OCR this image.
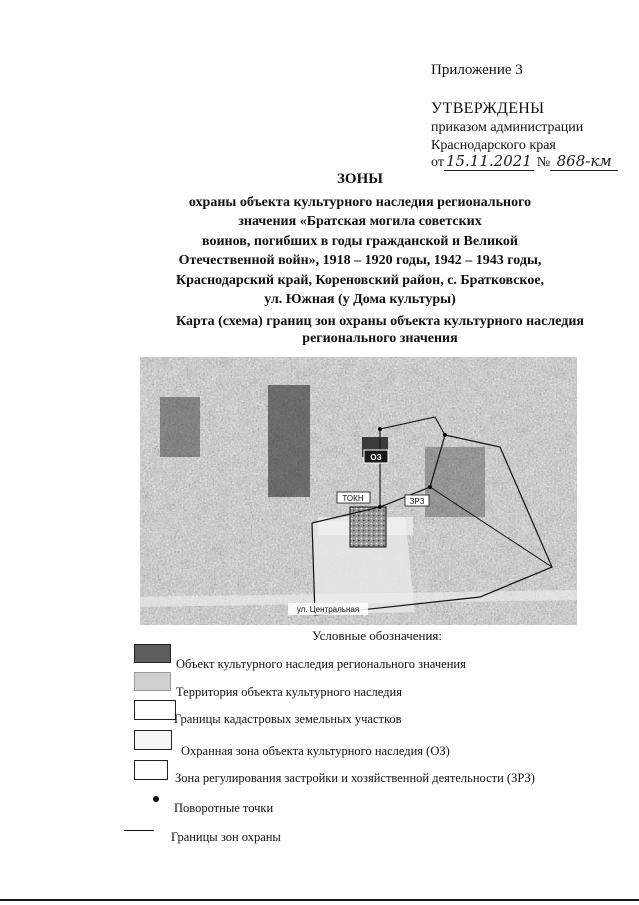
Приложение 3
УТВЕРЖДЕНЫ
приказом администрации
Краснодарского края
от 15.11.2021 № 868-км
ЗОНЫ
охраны объекта культурного наследия регионального
значения «Братская могила советских
воинов, погибших в годы гражданской и Великой
Отечественной войн», 1918 – 1920 годы, 1942 – 1943 годы,
Краснодарский край, Кореновский район, с. Братковское,
ул. Южная (у Дома культуры)
Карта (схема) границ зон охраны объекта культурного наследия
регионального значения
ОЗ
ТОКН	ЗРЗ
ул. Центральная
Условные обозначения:
Объект культурного наследия регионального значения
Территория объекта культурного наследия
Границы кадастровых земельных участков
Охранная зона объекта культурного наследия (ОЗ)
Зона регулирования застройки и хозяйственной деятельности (ЗРЗ)
Поворотные точки
Границы зон охраны
